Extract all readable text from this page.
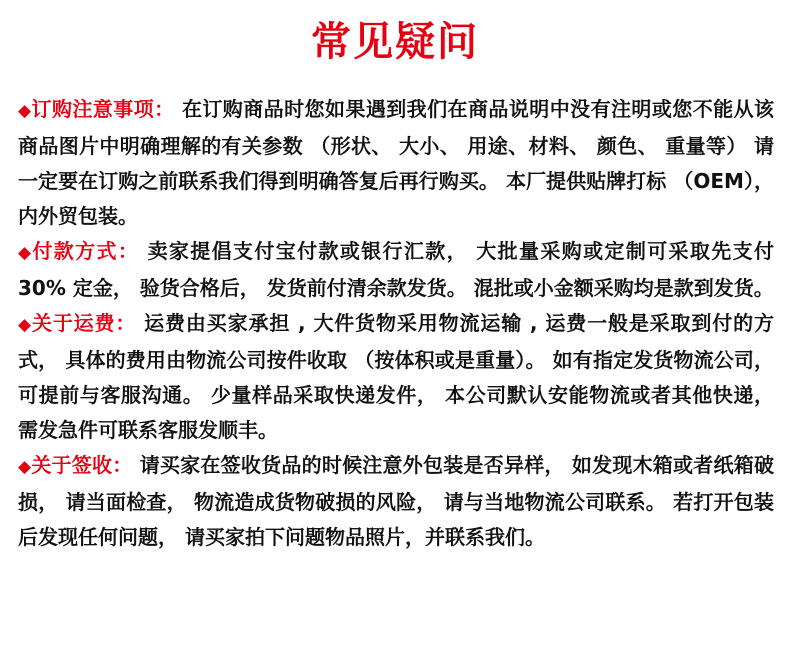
常见疑问

◆订购注意事项： 在订购商品时您如果遇到我们在商品说明中没有注明或您不能从该商品图片中明确理解的有关参数 （形状、 大小、 用途、材料、 颜色、 重量等） 请一定要在订购之前联系我们得到明确答复后再行购买。 本厂提供贴牌打标 （OEM）， 内外贸包装。

◆付款方式： 卖家提倡支付宝付款或银行汇款， 大批量采购或定制可采取先支付 30% 定金， 验货合格后， 发货前付清余款发货。 混批或小金额采购均是款到发货。

◆关于运费： 运费由买家承担 , 大件货物采用物流运输 , 运费一般是采取到付的方式， 具体的费用由物流公司按件收取 （按体积或是重量）。 如有指定发货物流公司， 可提前与客服沟通。 少量样品采取快递发件， 本公司默认安能物流或者其他快递， 需发急件可联系客服发顺丰。

◆关于签收： 请买家在签收货品的时候注意外包装是否异样， 如发现木箱或者纸箱破损， 请当面检查， 物流造成货物破损的风险， 请与当地物流公司联系。 若打开包装后发现任何问题， 请买家拍下问题物品照片，并联系我们。
